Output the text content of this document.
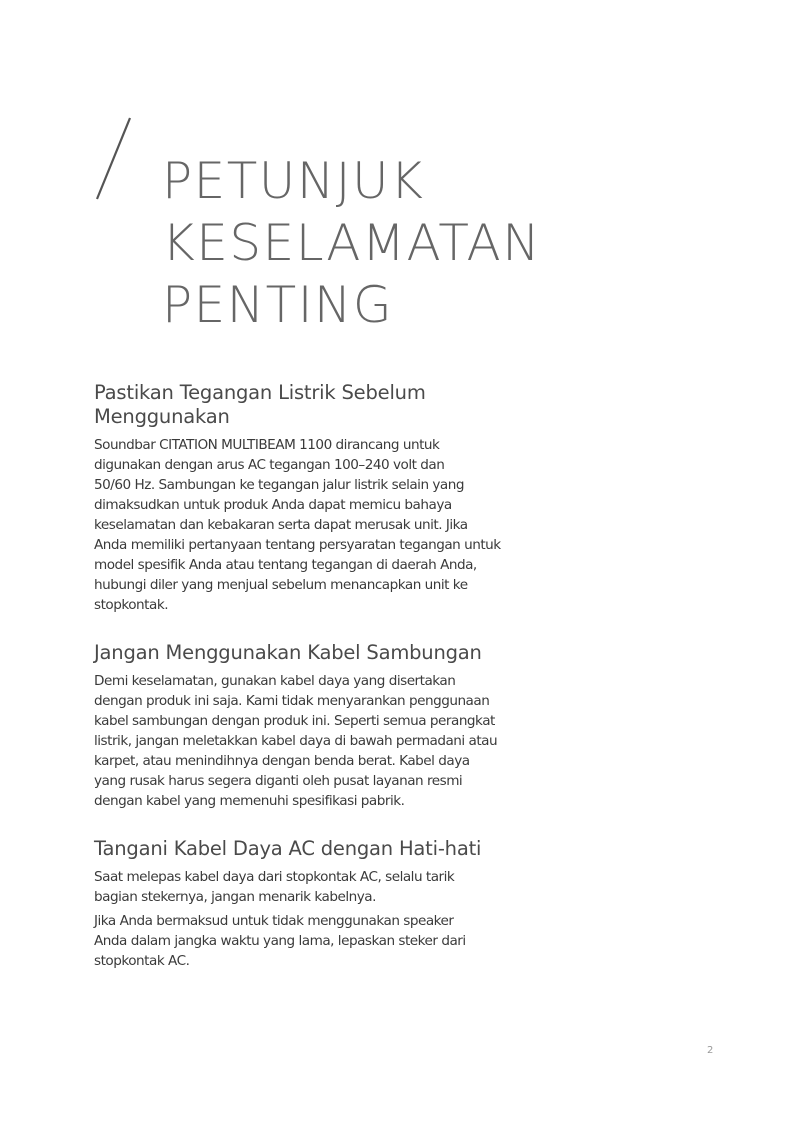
PETUNJUK
KESELAMATAN
PENTING
Pastikan Tegangan Listrik Sebelum
Menggunakan

Soundbar CITATION MULTIBEAM 1100 dirancang untuk
digunakan dengan arus AC tegangan 100–240 volt dan
50/60 Hz. Sambungan ke tegangan jalur listrik selain yang
dimaksudkan untuk produk Anda dapat memicu bahaya
keselamatan dan kebakaran serta dapat merusak unit. Jika
Anda memiliki pertanyaan tentang persyaratan tegangan untuk
model spesifik Anda atau tentang tegangan di daerah Anda,
hubungi diler yang menjual sebelum menancapkan unit ke
stopkontak.

Jangan Menggunakan Kabel Sambungan

Demi keselamatan, gunakan kabel daya yang disertakan
dengan produk ini saja. Kami tidak menyarankan penggunaan
kabel sambungan dengan produk ini. Seperti semua perangkat
listrik, jangan meletakkan kabel daya di bawah permadani atau
karpet, atau menindihnya dengan benda berat. Kabel daya
yang rusak harus segera diganti oleh pusat layanan resmi
dengan kabel yang memenuhi spesifikasi pabrik.

Tangani Kabel Daya AC dengan Hati-hati

Saat melepas kabel daya dari stopkontak AC, selalu tarik
bagian stekernya, jangan menarik kabelnya.

Jika Anda bermaksud untuk tidak menggunakan speaker
Anda dalam jangka waktu yang lama, lepaskan steker dari
stopkontak AC.

2
